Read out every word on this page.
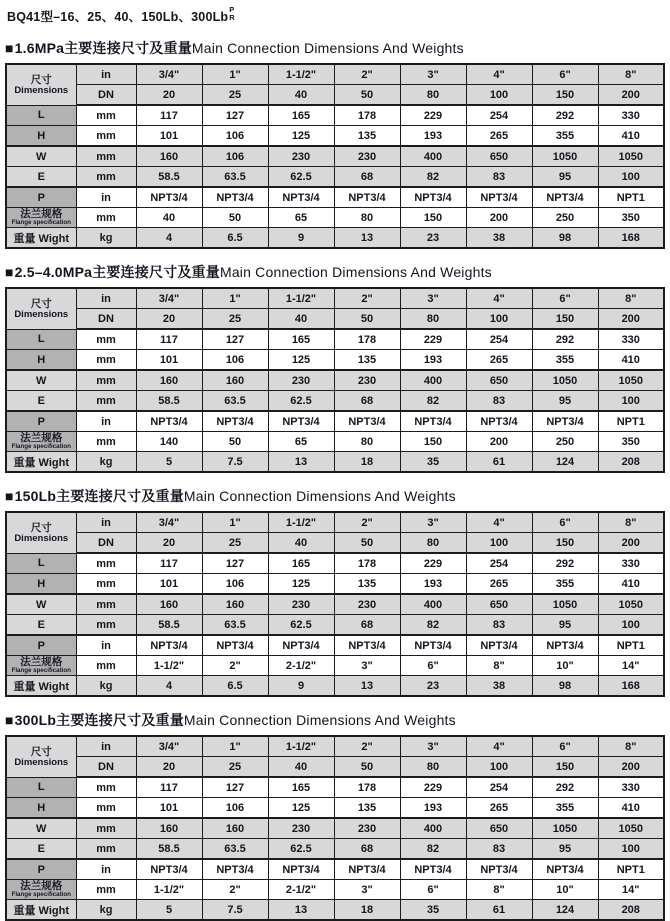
BQ41型–16、25、40、150Lb、300Lb
P
R
■1.6MPa主要连接尺寸及重量Main Connection Dimensions And Weights
尺寸
Dimensions	in	3/4"	1"	1-1/2"	2"	3"	4"	6"	8"
	DN	20	25	40	50	80	100	150	200
L	mm	117	127	165	178	229	254	292	330
H	mm	101	106	125	135	193	265	355	410
W	mm	160	106	230	230	400	650	1050	1050
E	mm	58.5	63.5	62.5	68	82	83	95	100
P	in	NPT3/4	NPT3/4	NPT3/4	NPT3/4	NPT3/4	NPT3/4	NPT3/4	NPT1

法兰规格
Flange specification	mm	40	50	65	80	150	200	250	350
重量 Wight	kg	4	6.5	9	13	23	38	98	168
■2.5–4.0MPa主要连接尺寸及重量Main Connection Dimensions And Weights
尺寸
Dimensions	in	3/4"	1"	1-1/2"	2"	3"	4"	6"	8"
	DN	20	25	40	50	80	100	150	200
L	mm	117	127	165	178	229	254	292	330
H	mm	101	106	125	135	193	265	355	410
W	mm	160	160	230	230	400	650	1050	1050
E	mm	58.5	63.5	62.5	68	82	83	95	100
P	in	NPT3/4	NPT3/4	NPT3/4	NPT3/4	NPT3/4	NPT3/4	NPT3/4	NPT1

法兰规格
Flange specification	mm	140	50	65	80	150	200	250	350
重量 Wight	kg	5	7.5	13	18	35	61	124	208
■150Lb主要连接尺寸及重量Main Connection Dimensions And Weights
尺寸
Dimensions	in	3/4"	1"	1-1/2"	2"	3"	4"	6"	8"
	DN	20	25	40	50	80	100	150	200
L	mm	117	127	165	178	229	254	292	330
H	mm	101	106	125	135	193	265	355	410
W	mm	160	160	230	230	400	650	1050	1050
E	mm	58.5	63.5	62.5	68	82	83	95	100
P	in	NPT3/4	NPT3/4	NPT3/4	NPT3/4	NPT3/4	NPT3/4	NPT3/4	NPT1

法兰规格
Flange specification	mm	1-1/2"	2"	2-1/2"	3"	6"	8"	10"	14"
重量 Wight	kg	4	6.5	9	13	23	38	98	168
■300Lb主要连接尺寸及重量Main Connection Dimensions And Weights
尺寸
Dimensions	in	3/4"	1"	1-1/2"	2"	3"	4"	6"	8"
	DN	20	25	40	50	80	100	150	200
L	mm	117	127	165	178	229	254	292	330
H	mm	101	106	125	135	193	265	355	410
W	mm	160	160	230	230	400	650	1050	1050
E	mm	58.5	63.5	62.5	68	82	83	95	100
P	in	NPT3/4	NPT3/4	NPT3/4	NPT3/4	NPT3/4	NPT3/4	NPT3/4	NPT1

法兰规格
Flange specification	mm	1-1/2"	2"	2-1/2"	3"	6"	8"	10"	14"
重量 Wight	kg	5	7.5	13	18	35	61	124	208
